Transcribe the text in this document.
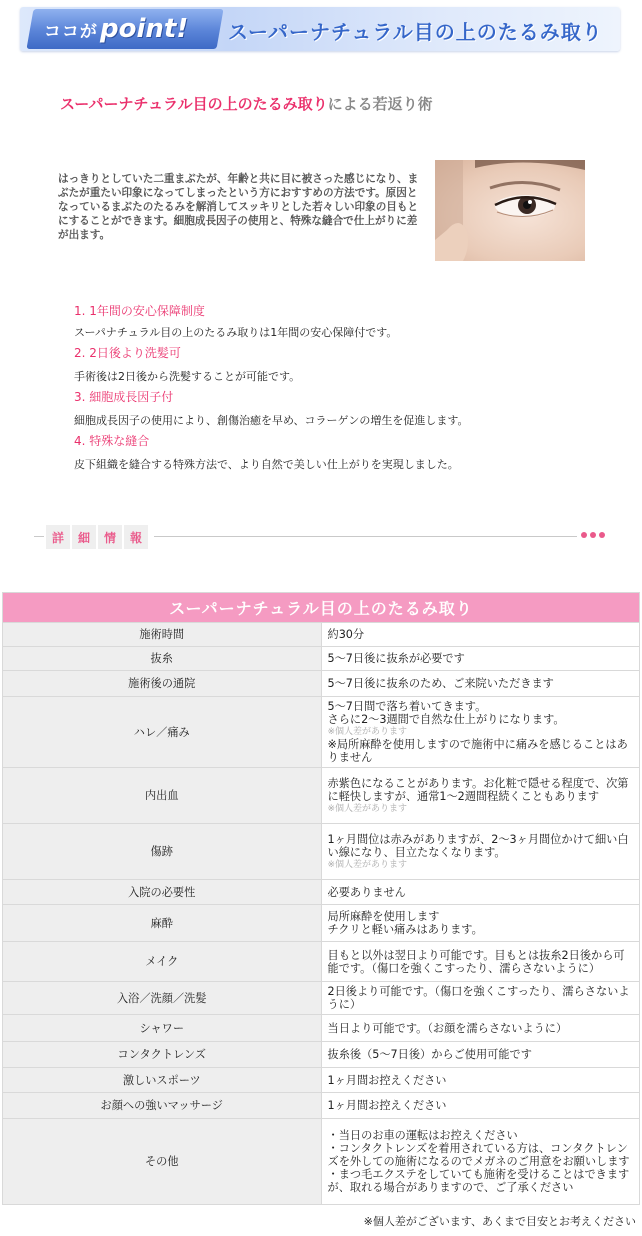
ココが point! スーパーナチュラル目の上のたるみ取り
スーパーナチュラル目の上のたるみ取りによる若返り術

はっきりとしていた二重まぶたが、年齢と共に目に被さった感じになり、まぶたが重たい印象になってしまったという方におすすめの方法です。原因となっているまぶたのたるみを解消してスッキリとした若々しい印象の目もとにすることができます。細胞成長因子の使用と、特殊な縫合で仕上がりに差が出ます。

1. 1年間の安心保障制度
スーパナチュラル目の上のたるみ取りは1年間の安心保障付です。
2. 2日後より洗髪可
手術後は2日後から洗髪することが可能です。
3. 細胞成長因子付
細胞成長因子の使用により、創傷治癒を早め、コラーゲンの増生を促進します。
4. 特殊な縫合
皮下組織を縫合する特殊方法で、より自然で美しい仕上がりを実現しました。
詳	細	情	報
スーパーナチュラル目の上のたるみ取り	
施術時間	約30分

抜糸	5～7日後に抜糸が必要です

施術後の通院	5～7日後に抜糸のため、ご来院いただきます

ハレ／痛み	5～7日間で落ち着いてきます。
さらに2～3週間で自然な仕上がりになります。
※個人差があります
※局所麻酔を使用しますので施術中に痛みを感じることはありません

内出血	赤紫色になることがあります。お化粧で隠せる程度で、次第に軽快しますが、通常1～2週間程続くこともあります
※個人差があります

傷跡	1ヶ月間位は赤みがありますが、2～3ヶ月間位かけて細い白い線になり、目立たなくなります。
※個人差があります

入院の必要性	必要ありません

麻酔	局所麻酔を使用します
チクリと軽い痛みはあります。

メイク	目もと以外は翌日より可能です。目もとは抜糸2日後から可能です。（傷口を強くこすったり、濡らさないように）

入浴／洗顔／洗髪	2日後より可能です。（傷口を強くこすったり、濡らさないように）

シャワー	当日より可能です。（お顔を濡らさないように）

コンタクトレンズ	抜糸後（5～7日後）からご使用可能です

激しいスポーツ	1ヶ月間お控えください

お顔への強いマッサージ	1ヶ月間お控えください

その他	・当日のお車の運転はお控えください
・コンタクトレンズを着用されている方は、コンタクトレンズを外しての施術になるのでメガネのご用意をお願いします
・まつ毛エクステをしていても施術を受けることはできますが、取れる場合がありますので、ご了承ください
※個人差がございます、あくまで目安とお考えください
